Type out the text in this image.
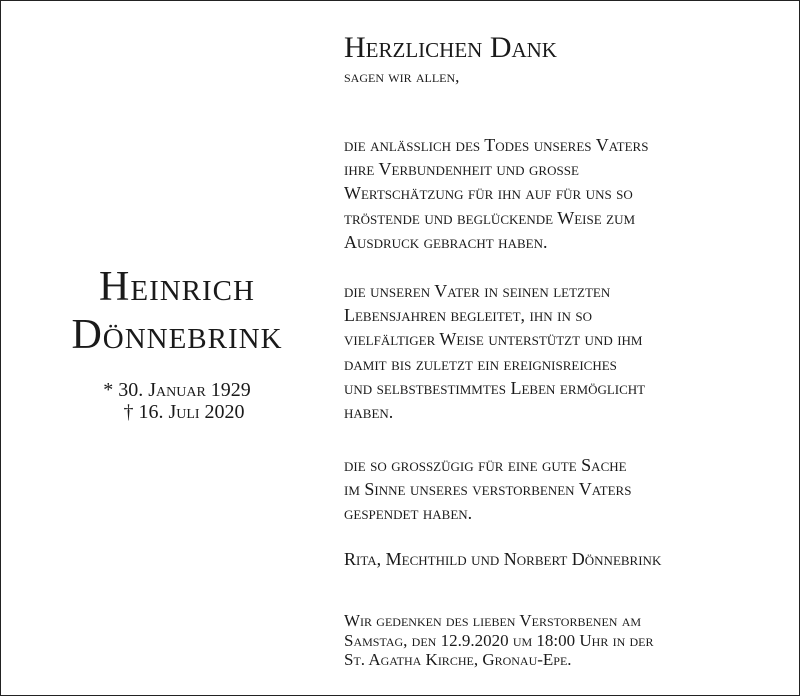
Heinrich
Dönnebrink
* 30. Januar 1929
† 16. Juli 2020
Herzlichen Dank
sagen wir allen,
die anlässlich des Todes unseres Vaters
ihre Verbundenheit und grosse
Wertschätzung für ihn auf für uns so
tröstende und beglückende Weise zum
Ausdruck gebracht haben.
die unseren Vater in seinen letzten
Lebensjahren begleitet, ihn in so
vielfältiger Weise unterstützt und ihm
damit bis zuletzt ein ereignisreiches
und selbstbestimmtes Leben ermöglicht
haben.
die so grosszügig für eine gute Sache
im Sinne unseres verstorbenen Vaters
gespendet haben.
Rita, Mechthild und Norbert Dönnebrink
Wir gedenken des lieben Verstorbenen am
Samstag, den 12.9.2020 um 18:00 Uhr in der
St. Agatha Kirche, Gronau-Epe.
